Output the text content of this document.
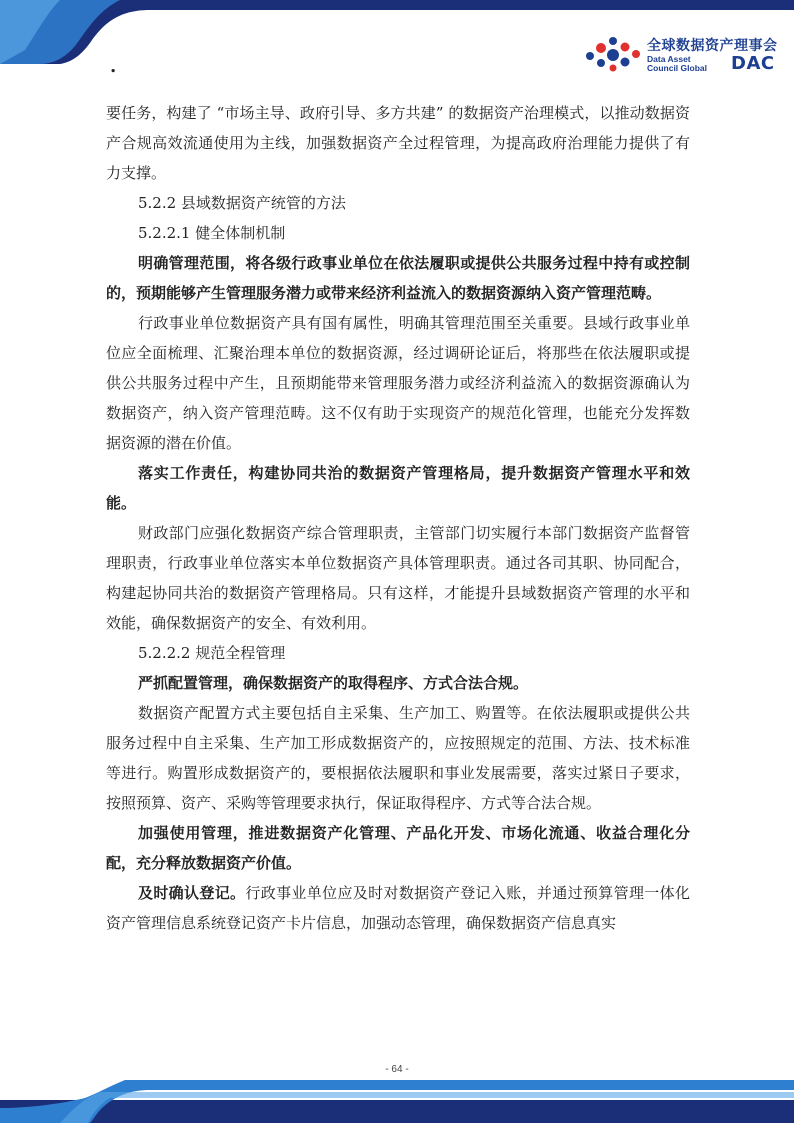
.
全球数据资产理事会
Data Asset
Council Global DAC

要任务，构建了 “市场主导、政府引导、多方共建” 的数据资产治理模式，以推动数据资产合规高效流通使用为主线，加强数据资产全过程管理，为提高政府治理能力提供了有力支撑。

5.2.2 县域数据资产统管的方法

5.2.2.1 健全体制机制

明确管理范围，将各级行政事业单位在依法履职或提供公共服务过程中持有或控制的，预期能够产生管理服务潜力或带来经济利益流入的数据资源纳入资产管理范畴。

行政事业单位数据资产具有国有属性，明确其管理范围至关重要。县域行政事业单位应全面梳理、汇聚治理本单位的数据资源，经过调研论证后，将那些在依法履职或提供公共服务过程中产生，且预期能带来管理服务潜力或经济利益流入的数据资源确认为数据资产，纳入资产管理范畴。这不仅有助于实现资产的规范化管理，也能充分发挥数据资源的潜在价值。

落实工作责任，构建协同共治的数据资产管理格局，提升数据资产管理水平和效能。

财政部门应强化数据资产综合管理职责，主管部门切实履行本部门数据资产监督管理职责，行政事业单位落实本单位数据资产具体管理职责。通过各司其职、协同配合，构建起协同共治的数据资产管理格局。只有这样，才能提升县域数据资产管理的水平和效能，确保数据资产的安全、有效利用。

5.2.2.2 规范全程管理

严抓配置管理，确保数据资产的取得程序、方式合法合规。

数据资产配置方式主要包括自主采集、生产加工、购置等。在依法履职或提供公共服务过程中自主采集、生产加工形成数据资产的，应按照规定的范围、方法、技术标准等进行。购置形成数据资产的，要根据依法履职和事业发展需要，落实过紧日子要求，按照预算、资产、采购等管理要求执行，保证取得程序、方式等合法合规。

加强使用管理，推进数据资产化管理、产品化开发、市场化流通、收益合理化分配，充分释放数据资产价值。

及时确认登记。行政事业单位应及时对数据资产登记入账，并通过预算管理一体化资产管理信息系统登记资产卡片信息，加强动态管理，确保数据资产信息真实

- 64 -
